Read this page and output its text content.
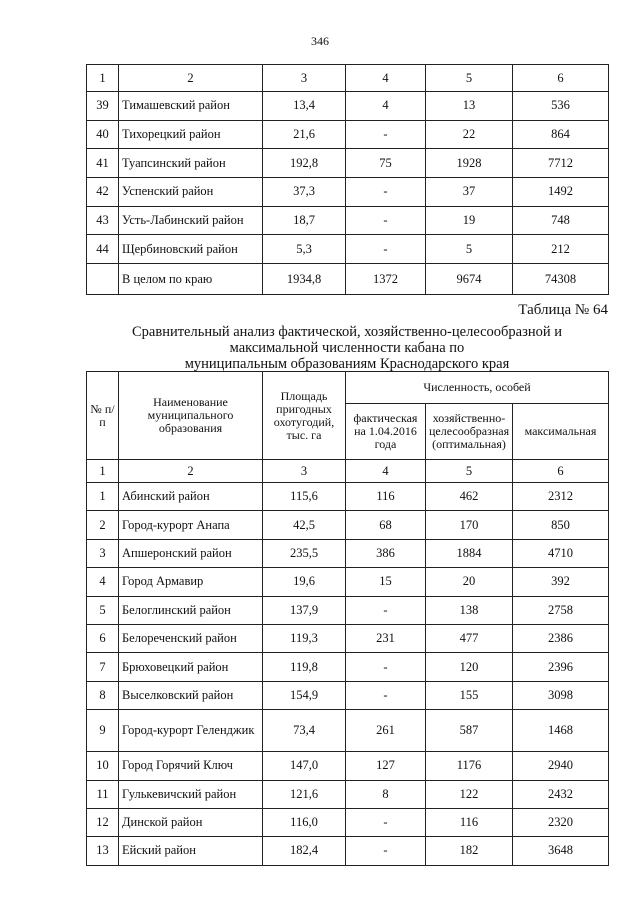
346
1	2	3	4	5	6
39	Тимашевский район	13,4	4	13	536
40	Тихорецкий район	21,6	-	22	864
41	Туапсинский район	192,8	75	1928	7712
42	Успенский район	37,3	-	37	1492
43	Усть-Лабинский район	18,7	-	19	748
44	Щербиновский район	5,3	-	5	212
	В целом по краю	1934,8	1372	9674	74308
Таблица № 64
Сравнительный анализ фактической, хозяйственно-целесообразной и
максимальной численности кабана по
муниципальным образованиям Краснодарского края
№ п/п	Наименование муниципального образования	Площадь пригодных охотугодий, тыс. га	Численность, особей		
			фактическая на 1.04.2016 года	хозяйственно-целесообразная (оптимальная)	максимальная
1	2	3	4	5	6
1	Абинский район	115,6	116	462	2312
2	Город-курорт Анапа	42,5	68	170	850
3	Апшеронский район	235,5	386	1884	4710
4	Город Армавир	19,6	15	20	392
5	Белоглинский район	137,9	-	138	2758
6	Белореченский район	119,3	231	477	2386
7	Брюховецкий район	119,8	-	120	2396
8	Выселковский район	154,9	-	155	3098
9	Город-курорт Геленджик	73,4	261	587	1468
10	Город Горячий Ключ	147,0	127	1176	2940
11	Гулькевичский район	121,6	8	122	2432
12	Динской район	116,0	-	116	2320
13	Ейский район	182,4	-	182	3648
